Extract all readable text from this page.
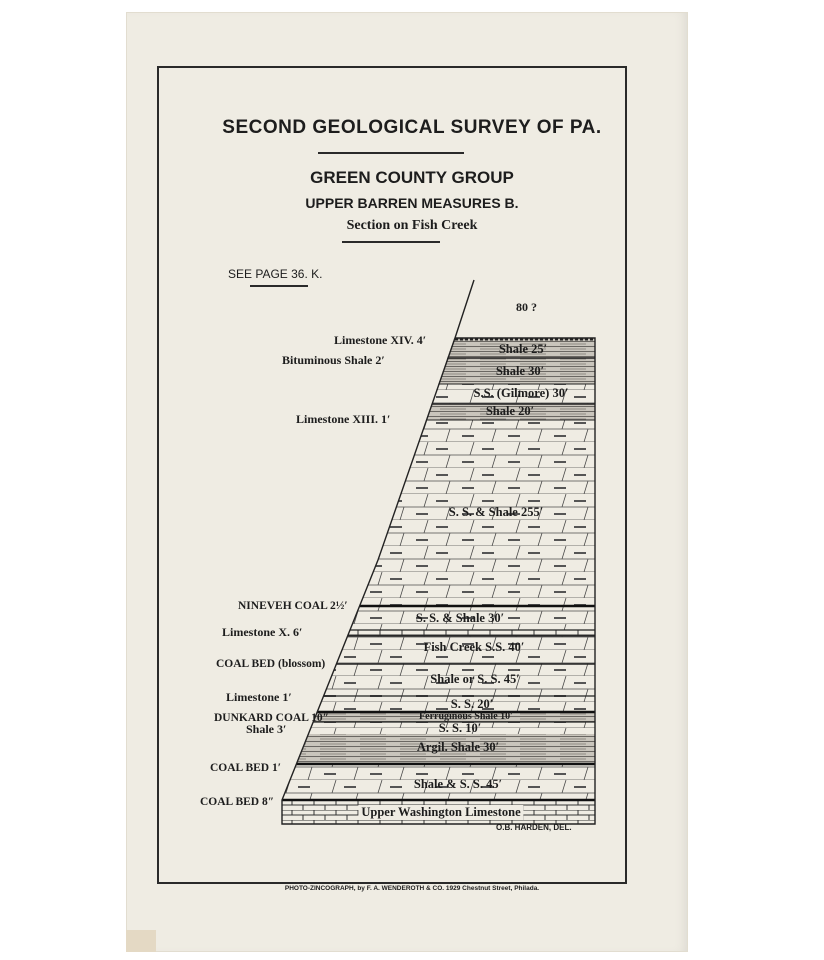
SECOND GEOLOGICAL SURVEY OF PA.
GREEN COUNTY GROUP
UPPER BARREN MEASURES B.
Section on Fish Creek
SEE PAGE 36. K.
80 ?
Limestone XIV. 4′
Bituminous Shale 2′
Limestone XIII. 1′
NINEVEH COAL 2½′
Limestone X. 6′
COAL BED (blossom)
Limestone 1′
DUNKARD COAL 10″
Shale 3′
COAL BED 1′
COAL BED 8″
Shale 25′
Shale 30′
S.S. (Gilmore) 30′
Shale 20′
S. S. & Shale 255′
S. S. & Shale 30′
Fish Creek S.S. 40′
Shale or S. S. 45′
S. S. 20′
Ferruginous Shale 10′
S. S. 10′
Argil. Shale 30′
Shale & S. S. 45′
Upper Washington Limestone
O.B. HARDEN, DEL.
PHOTO-ZINCOGRAPH, by F. A. WENDEROTH & CO. 1929 Chestnut Street, Philada.
